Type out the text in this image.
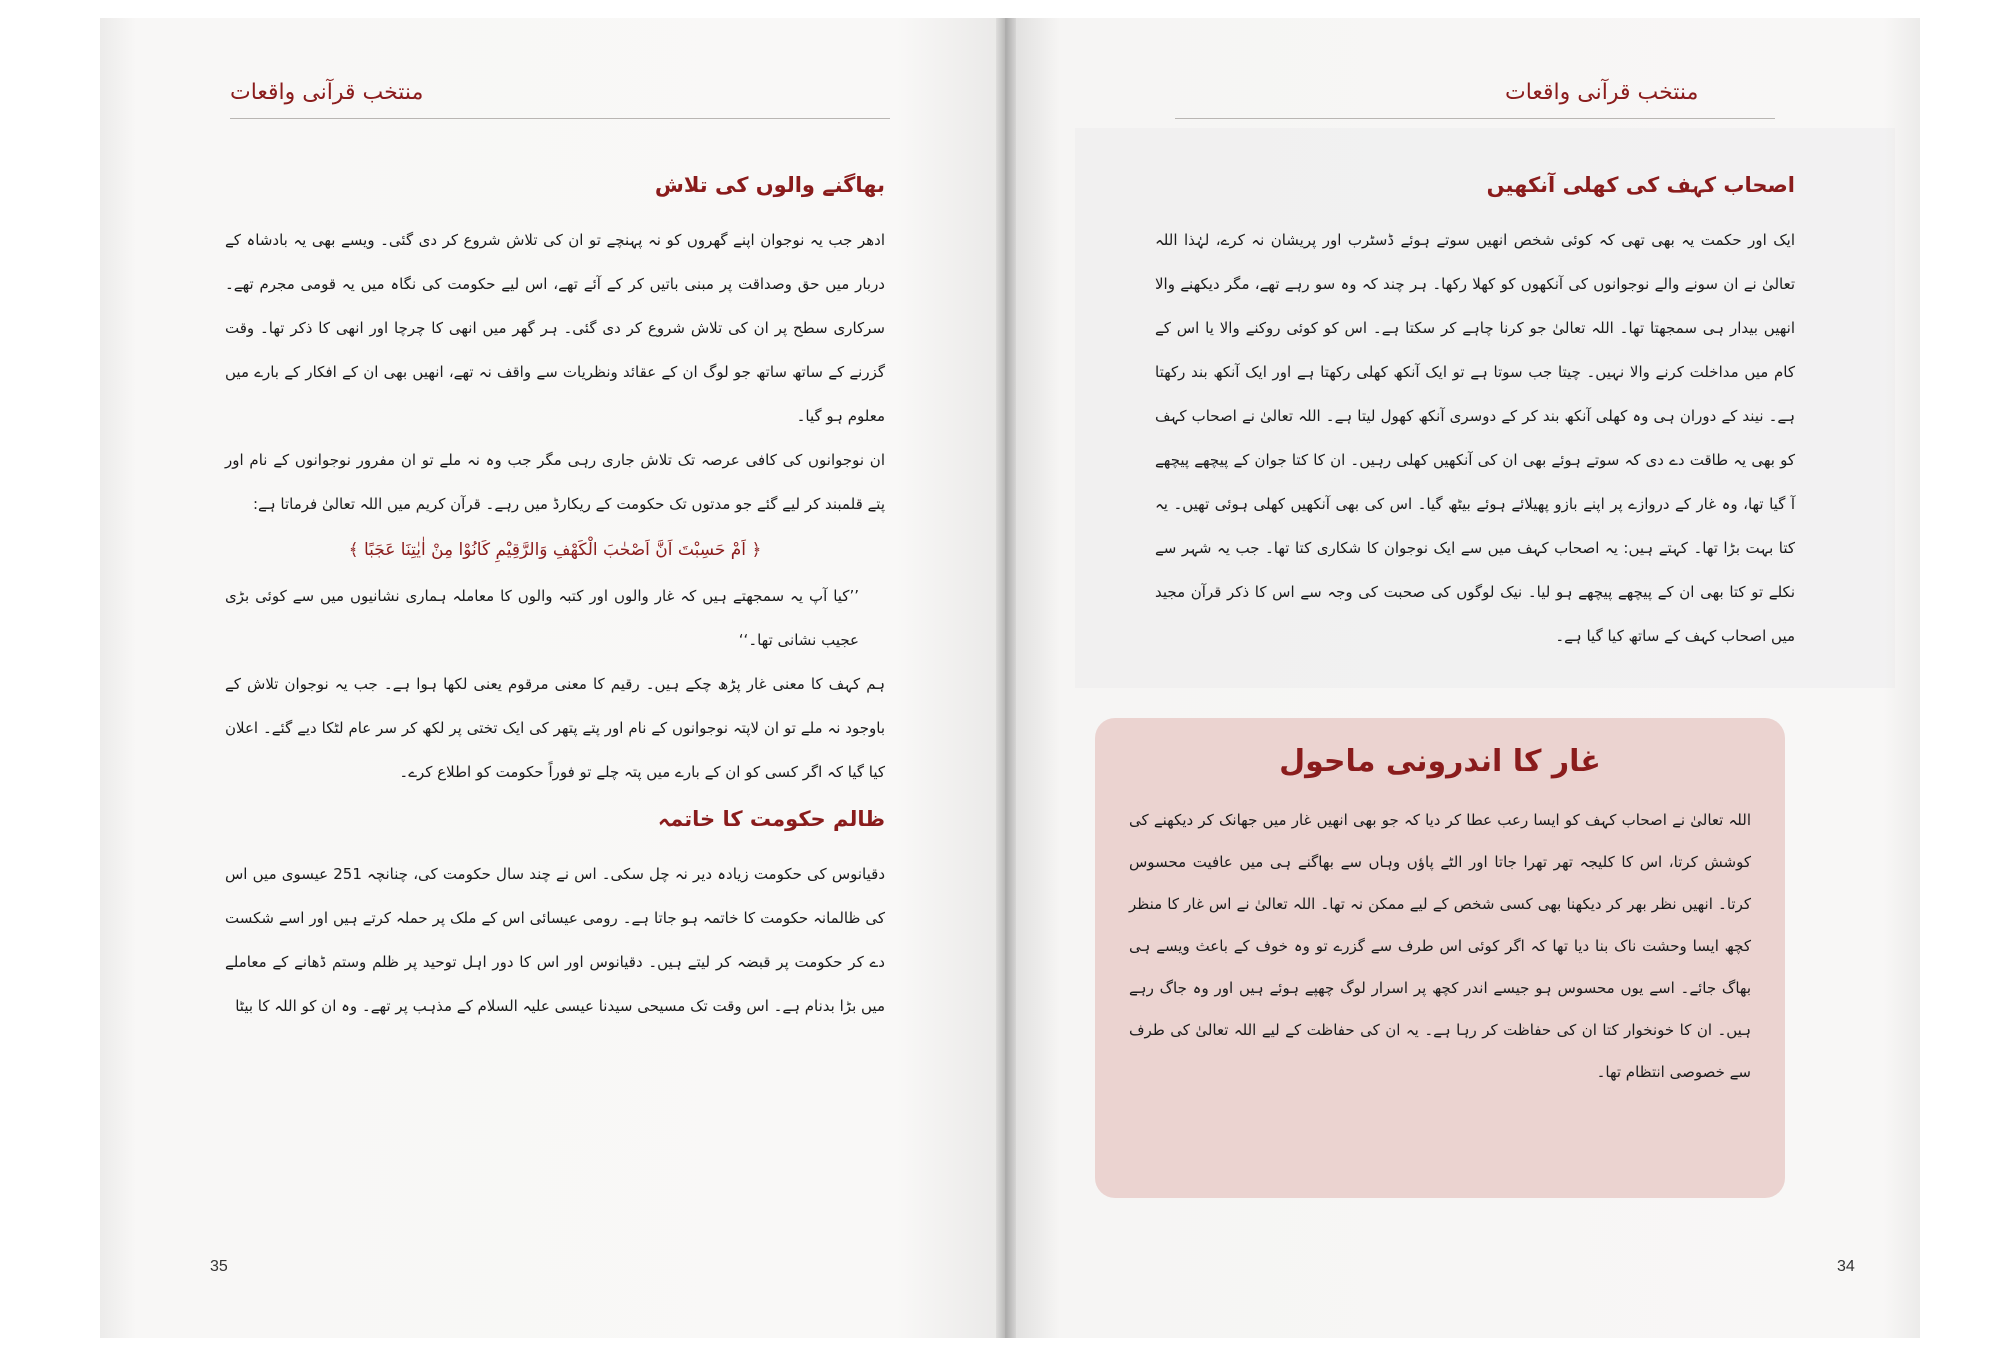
منتخب قرآنی واقعات
بھاگنے والوں کی تلاش

ادھر جب یہ نوجوان اپنے گھروں کو نہ پہنچے تو ان کی تلاش شروع کر دی گئی۔ ویسے بھی یہ بادشاہ کے دربار میں حق وصداقت پر مبنی باتیں کر کے آئے تھے، اس لیے حکومت کی نگاہ میں یہ قومی مجرم تھے۔ سرکاری سطح پر ان کی تلاش شروع کر دی گئی۔ ہر گھر میں انھی کا چرچا اور انھی کا ذکر تھا۔ وقت گزرنے کے ساتھ ساتھ جو لوگ ان کے عقائد ونظریات سے واقف نہ تھے، انھیں بھی ان کے افکار کے بارے میں معلوم ہو گیا۔

ان نوجوانوں کی کافی عرصہ تک تلاش جاری رہی مگر جب وہ نہ ملے تو ان مفرور نوجوانوں کے نام اور پتے قلمبند کر لیے گئے جو مدتوں تک حکومت کے ریکارڈ میں رہے۔ قرآن کریم میں اللہ تعالیٰ فرماتا ہے:

﴿ اَمْ حَسِبْتَ اَنَّ اَصْحٰبَ الْكَهْفِ وَالرَّقِيْمِ كَانُوْا مِنْ اٰيٰتِنَا عَجَبًا ﴾

’’کیا آپ یہ سمجھتے ہیں کہ غار والوں اور کتبہ والوں کا معاملہ ہماری نشانیوں میں سے کوئی بڑی عجیب نشانی تھا۔‘‘

ہم کہف کا معنی غار پڑھ چکے ہیں۔ رقیم کا معنی مرقوم یعنی لکھا ہوا ہے۔ جب یہ نوجوان تلاش کے باوجود نہ ملے تو ان لاپتہ نوجوانوں کے نام اور پتے پتھر کی ایک تختی پر لکھ کر سر عام لٹکا دیے گئے۔ اعلان کیا گیا کہ اگر کسی کو ان کے بارے میں پتہ چلے تو فوراً حکومت کو اطلاع کرے۔

ظالم حکومت کا خاتمہ

دقیانوس کی حکومت زیادہ دیر نہ چل سکی۔ اس نے چند سال حکومت کی، چنانچہ 251 عیسوی میں اس کی ظالمانہ حکومت کا خاتمہ ہو جاتا ہے۔ رومی عیسائی اس کے ملک پر حملہ کرتے ہیں اور اسے شکست دے کر حکومت پر قبضہ کر لیتے ہیں۔ دقیانوس اور اس کا دور اہل توحید پر ظلم وستم ڈھانے کے معاملے میں بڑا بدنام ہے۔ اس وقت تک مسیحی سیدنا عیسی علیہ السلام کے مذہب پر تھے۔ وہ ان کو اللہ کا بیٹا

35
منتخب قرآنی واقعات
اصحاب کہف کی کھلی آنکھیں

ایک اور حکمت یہ بھی تھی کہ کوئی شخص انھیں سوتے ہوئے ڈسٹرب اور پریشان نہ کرے، لہٰذا اللہ تعالیٰ نے ان سونے والے نوجوانوں کی آنکھوں کو کھلا رکھا۔ ہر چند کہ وہ سو رہے تھے، مگر دیکھنے والا انھیں بیدار ہی سمجھتا تھا۔ اللہ تعالیٰ جو کرنا چاہے کر سکتا ہے۔ اس کو کوئی روکنے والا یا اس کے کام میں مداخلت کرنے والا نہیں۔ چیتا جب سوتا ہے تو ایک آنکھ کھلی رکھتا ہے اور ایک آنکھ بند رکھتا ہے۔ نیند کے دوران ہی وہ کھلی آنکھ بند کر کے دوسری آنکھ کھول لیتا ہے۔ اللہ تعالیٰ نے اصحاب کہف کو بھی یہ طاقت دے دی کہ سوتے ہوئے بھی ان کی آنکھیں کھلی رہیں۔ ان کا کتا جوان کے پیچھے پیچھے آ گیا تھا، وہ غار کے دروازے پر اپنے بازو پھیلائے ہوئے بیٹھ گیا۔ اس کی بھی آنکھیں کھلی ہوئی تھیں۔ یہ کتا بہت بڑا تھا۔ کہتے ہیں: یہ اصحاب کہف میں سے ایک نوجوان کا شکاری کتا تھا۔ جب یہ شہر سے نکلے تو کتا بھی ان کے پیچھے پیچھے ہو لیا۔ نیک لوگوں کی صحبت کی وجہ سے اس کا ذکر قرآن مجید میں اصحاب کہف کے ساتھ کیا گیا ہے۔

غار کا اندرونی ماحول

اللہ تعالیٰ نے اصحاب کہف کو ایسا رعب عطا کر دیا کہ جو بھی انھیں غار میں جھانک کر دیکھنے کی کوشش کرتا، اس کا کلیجہ تھر تھرا جاتا اور الٹے پاؤں وہاں سے بھاگنے ہی میں عافیت محسوس کرتا۔ انھیں نظر بھر کر دیکھنا بھی کسی شخص کے لیے ممکن نہ تھا۔ اللہ تعالیٰ نے اس غار کا منظر کچھ ایسا وحشت ناک بنا دیا تھا کہ اگر کوئی اس طرف سے گزرے تو وہ خوف کے باعث ویسے ہی بھاگ جائے۔ اسے یوں محسوس ہو جیسے اندر کچھ پر اسرار لوگ چھپے ہوئے ہیں اور وہ جاگ رہے ہیں۔ ان کا خونخوار کتا ان کی حفاظت کر رہا ہے۔ یہ ان کی حفاظت کے لیے اللہ تعالیٰ کی طرف سے خصوصی انتظام تھا۔

34
